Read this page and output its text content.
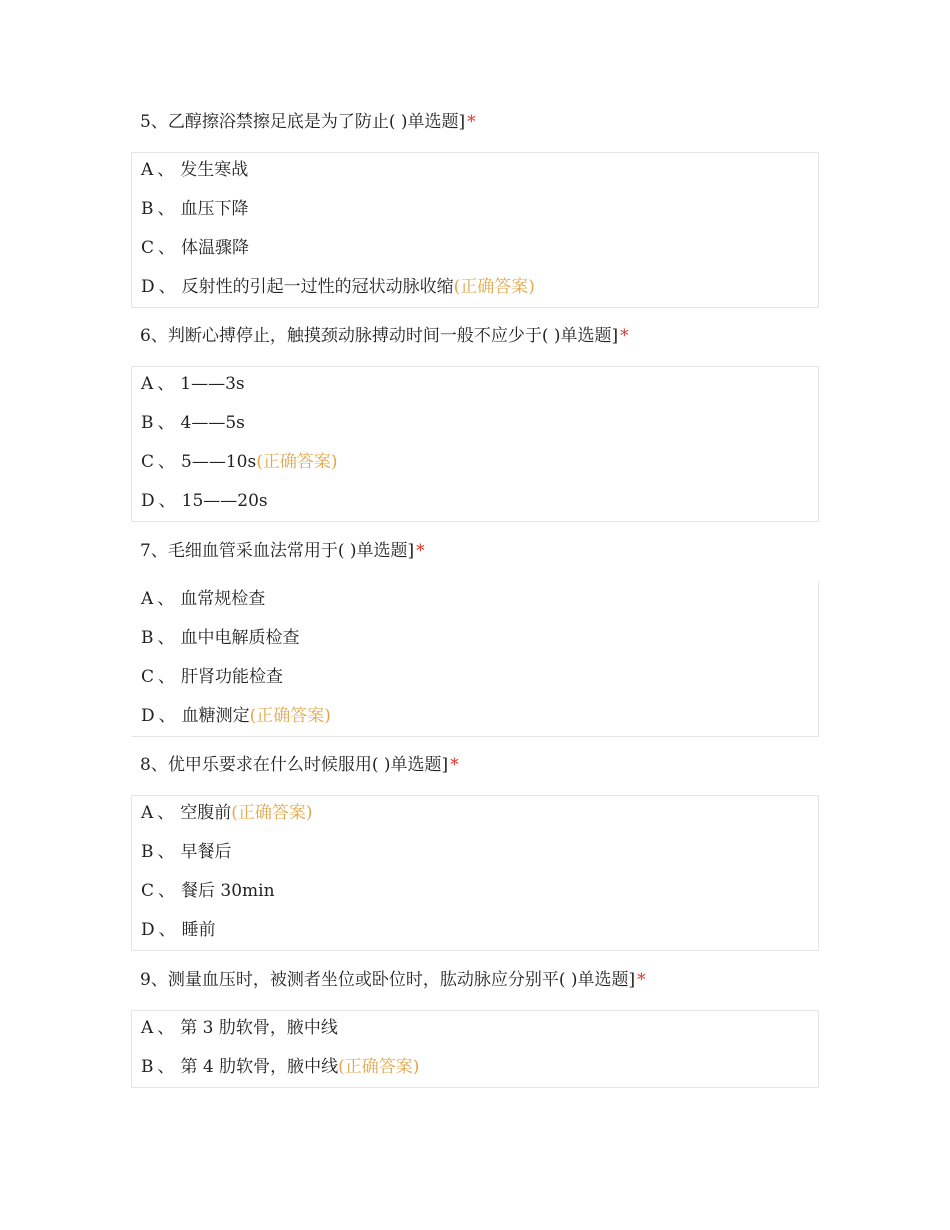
5、乙醇擦浴禁擦足底是为了防止( )单选题] *
A 、 发生寒战
B 、 血压下降
C 、 体温骤降
D 、 反射性的引起一过性的冠状动脉收缩(正确答案)
6、判断心搏停止，触摸颈动脉搏动时间一般不应少于( )单选题] *
A 、 1——3s
B 、 4——5s
C 、 5——10s(正确答案)
D 、 15——20s
7、毛细血管采血法常用于( )单选题] *
A 、 血常规检查
B 、 血中电解质检查
C 、 肝肾功能检查
D 、 血糖测定(正确答案)
8、优甲乐要求在什么时候服用( )单选题] *
A 、 空腹前(正确答案)
B 、 早餐后
C 、 餐后 30min
D 、 睡前
9、测量血压时，被测者坐位或卧位时，肱动脉应分别平( )单选题] *
A 、 第 3 肋软骨，腋中线
B 、 第 4 肋软骨，腋中线(正确答案)
